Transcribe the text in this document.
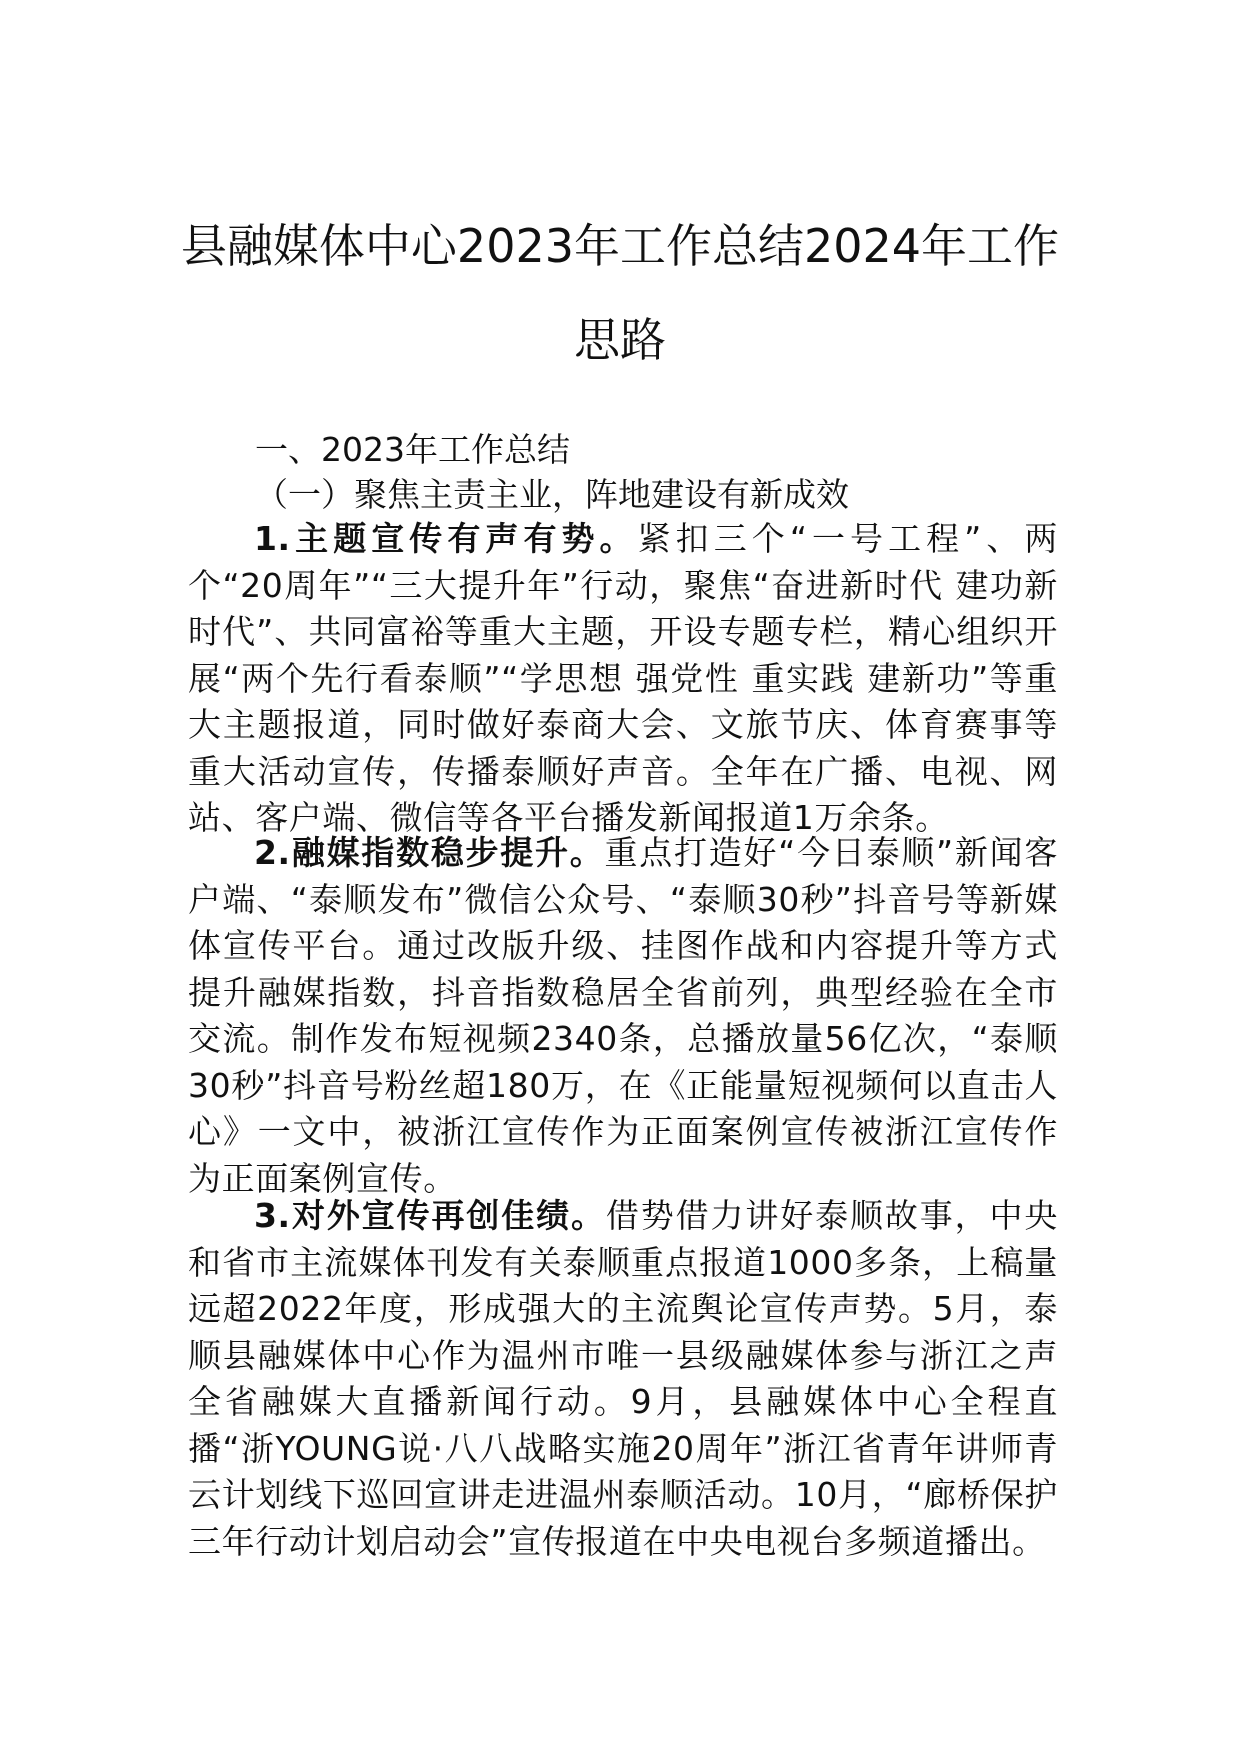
县融媒体中心2023年工作总结2024年工作
思路

一、2023年工作总结

（一）聚焦主责主业，阵地建设有新成效

1.主题宣传有声有势。紧扣三个“一号工程”、两个“20周年”“三大提升年”行动，聚焦“奋进新时代 建功新时代”、共同富裕等重大主题，开设专题专栏，精心组织开展“两个先行看泰顺”“学思想 强党性 重实践 建新功”等重大主题报道，同时做好泰商大会、文旅节庆、体育赛事等重大活动宣传，传播泰顺好声音。全年在广播、电视、网站、客户端、微信等各平台播发新闻报道1万余条。

2.融媒指数稳步提升。重点打造好“今日泰顺”新闻客户端、“泰顺发布”微信公众号、“泰顺30秒”抖音号等新媒体宣传平台。通过改版升级、挂图作战和内容提升等方式提升融媒指数，抖音指数稳居全省前列，典型经验在全市交流。制作发布短视频2340条，总播放量56亿次，“泰顺30秒”抖音号粉丝超180万，在《正能量短视频何以直击人心》一文中，被浙江宣传作为正面案例宣传被浙江宣传作为正面案例宣传。

3.对外宣传再创佳绩。借势借力讲好泰顺故事，中央和省市主流媒体刊发有关泰顺重点报道1000多条，上稿量远超2022年度，形成强大的主流舆论宣传声势。5月，泰顺县融媒体中心作为温州市唯一县级融媒体参与浙江之声全省融媒大直播新闻行动。9月，县融媒体中心全程直播“浙YOUNG说·八八战略实施20周年”浙江省青年讲师青云计划线下巡回宣讲走进温州泰顺活动。10月，“廊桥保护三年行动计划启动会”宣传报道在中央电视台多频道播出。
